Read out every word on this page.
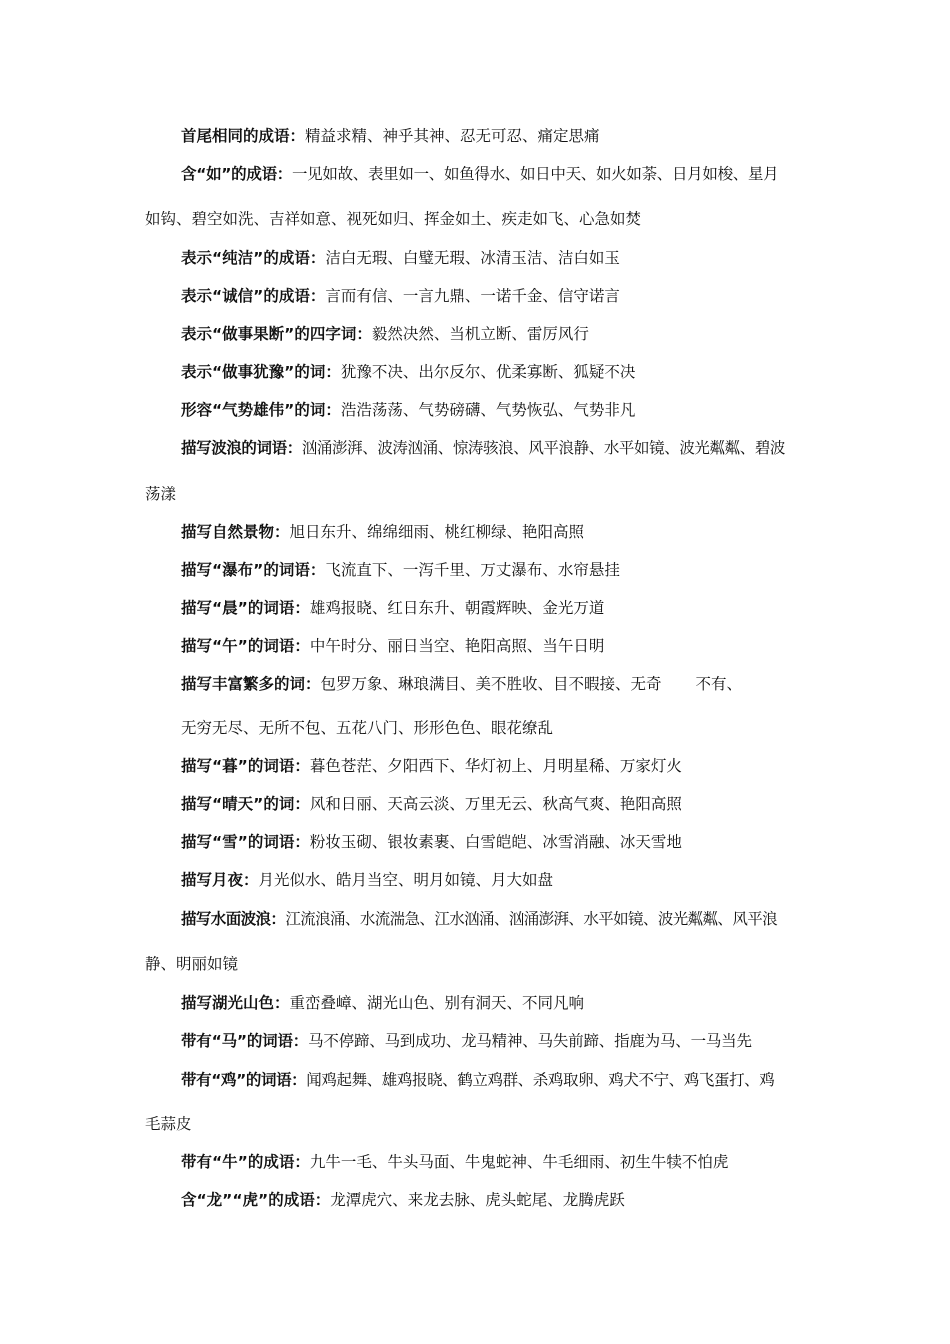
首尾相同的成语：精益求精、神乎其神、忍无可忍、痛定思痛
含“如”的成语：一见如故、表里如一、如鱼得水、如日中天、如火如荼、日月如梭、星月
如钩、碧空如洗、吉祥如意、视死如归、挥金如土、疾走如飞、心急如焚
表示“纯洁”的成语：洁白无瑕、白璧无瑕、冰清玉洁、洁白如玉
表示“诚信”的成语：言而有信、一言九鼎、一诺千金、信守诺言
表示“做事果断”的四字词：毅然决然、当机立断、雷厉风行
表示“做事犹豫”的词：犹豫不决、出尔反尔、优柔寡断、狐疑不决
形容“气势雄伟”的词：浩浩荡荡、气势磅礴、气势恢弘、气势非凡
描写波浪的词语：汹涌澎湃、波涛汹涌、惊涛骇浪、风平浪静、水平如镜、波光粼粼、碧波
荡漾
描写自然景物：旭日东升、绵绵细雨、桃红柳绿、艳阳高照
描写“瀑布”的词语：飞流直下、一泻千里、万丈瀑布、水帘悬挂
描写“晨”的词语：雄鸡报晓、红日东升、朝霞辉映、金光万道
描写“午”的词语：中午时分、丽日当空、艳阳高照、当午日明
描写丰富繁多的词：包罗万象、琳琅满目、美不胜收、目不暇接、无奇 不有、
无穷无尽、无所不包、五花八门、形形色色、眼花缭乱
描写“暮”的词语：暮色苍茫、夕阳西下、华灯初上、月明星稀、万家灯火
描写“晴天”的词：风和日丽、天高云淡、万里无云、秋高气爽、艳阳高照
描写“雪”的词语：粉妆玉砌、银妆素裹、白雪皑皑、冰雪消融、冰天雪地
描写月夜：月光似水、皓月当空、明月如镜、月大如盘
描写水面波浪：江流浪涌、水流湍急、江水汹涌、汹涌澎湃、水平如镜、波光粼粼、风平浪
静、明丽如镜
描写湖光山色：重峦叠嶂、湖光山色、别有洞天、不同凡响
带有“马”的词语：马不停蹄、马到成功、龙马精神、马失前蹄、指鹿为马、一马当先
带有“鸡”的词语：闻鸡起舞、雄鸡报晓、鹤立鸡群、杀鸡取卵、鸡犬不宁、鸡飞蛋打、鸡
毛蒜皮
带有“牛”的成语：九牛一毛、牛头马面、牛鬼蛇神、牛毛细雨、初生牛犊不怕虎
含“龙”“虎”的成语：龙潭虎穴、来龙去脉、虎头蛇尾、龙腾虎跃
